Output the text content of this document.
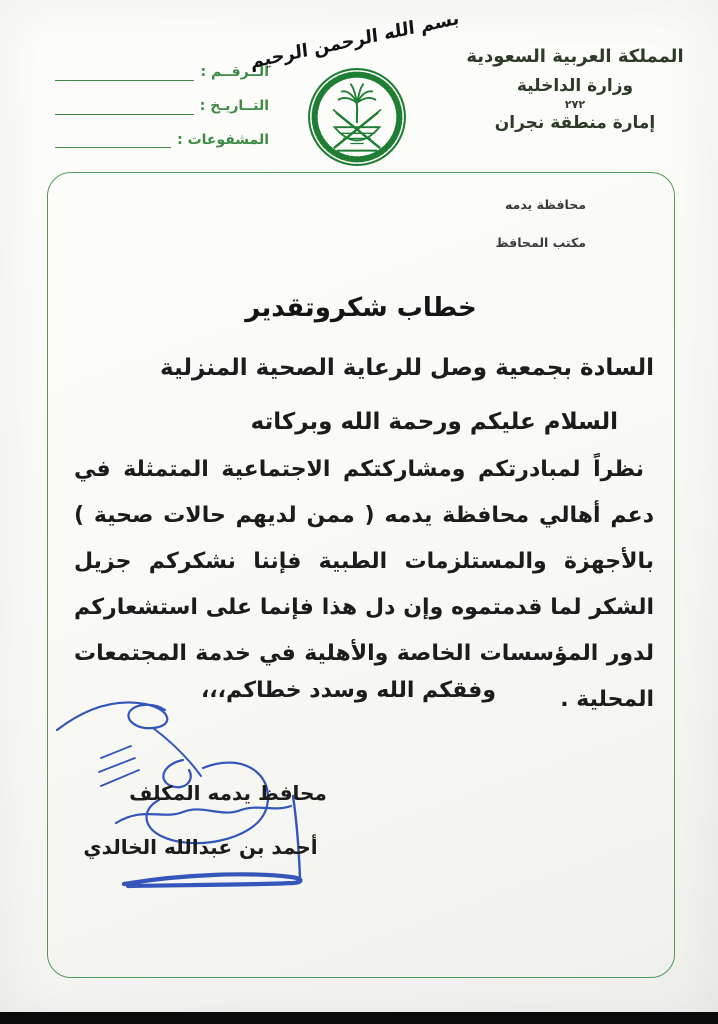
الــرقــم :
التــاريـخ :
المشفوعات :
بسم الله الرحمن الرحيم المملكة العربية السعودية
وزارة الداخلية
٢٧٢
إمارة منطقة نجران
محافظة يدمه
مكتب المحافظ
خطاب شكروتقدير
السادة بجمعية وصل للرعاية الصحية المنزلية
السلام عليكم ورحمة الله وبركاته

نظراً لمبادرتكم ومشاركتكم الاجتماعية المتمثلة في دعم أهالي محافظة يدمه ( ممن لديهم حالات صحية ) بالأجهزة والمستلزمات الطبية فإننا نشكركم جزيل الشكر لما قدمتموه وإن دل هذا فإنما على استشعاركم لدور المؤسسات الخاصة والأهلية في خدمة المجتمعات المحلية .

وفقكم الله وسدد خطاكم،،،
محافظ يدمه المكلف
أحمد بن عبدالله الخالدي
